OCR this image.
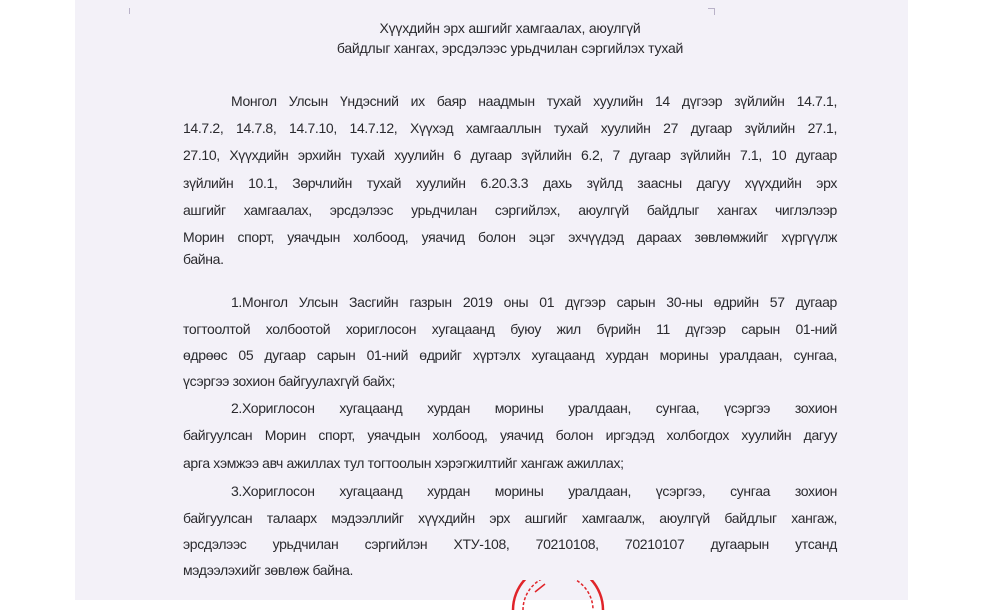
Хүүхдийн эрх ашгийг хамгаалах, аюулгүй
байдлыг хангах, эрсдэлээс урьдчилан сэргийлэх тухай
Монгол Улсын Үндэсний их баяр наадмын тухай хуулийн 14 дүгээр зүйлийн 14.7.1,
14.7.2, 14.7.8, 14.7.10, 14.7.12, Хүүхэд хамгааллын тухай хуулийн 27 дугаар зүйлийн 27.1,
27.10, Хүүхдийн эрхийн тухай хуулийн 6 дугаар зүйлийн 6.2, 7 дугаар зүйлийн 7.1, 10 дугаар
зүйлийн 10.1, Зөрчлийн тухай хуулийн 6.20.3.3 дахь зүйлд заасны дагуу хүүхдийн эрх
ашгийг хамгаалах, эрсдэлээс урьдчилан сэргийлэх, аюулгүй байдлыг хангах чиглэлээр
Морин спорт, уяачдын холбоод, уяачид болон эцэг эхчүүдэд дараах зөвлөмжийг хүргүүлж
байна.
1.Монгол Улсын Засгийн газрын 2019 оны 01 дүгээр сарын 30-ны өдрийн 57 дугаар
тогтоолтой холбоотой хориглосон хугацаанд буюу жил бүрийн 11 дүгээр сарын 01-ний
өдрөөс 05 дугаар сарын 01-ний өдрийг хүртэлх хугацаанд хурдан морины уралдаан, сунгаа,
үсэргээ зохион байгуулахгүй байх;
2.Хориглосон хугацаанд хурдан морины уралдаан, сунгаа, үсэргээ зохион
байгуулсан Морин спорт, уяачдын холбоод, уяачид болон иргэдэд холбогдох хуулийн дагуу
арга хэмжээ авч ажиллах тул тогтоолын хэрэгжилтийг хангаж ажиллах;
3.Хориглосон хугацаанд хурдан морины уралдаан, үсэргээ, сунгаа зохион
байгуулсан талаарх мэдээллийг хүүхдийн эрх ашгийг хамгаалж, аюулгүй байдлыг хангаж,
эрсдэлээс урьдчилан сэргийлэн ХТУ-108, 70210108, 70210107 дугаарын утсанд
мэдээлэхийг зөвлөж байна.
